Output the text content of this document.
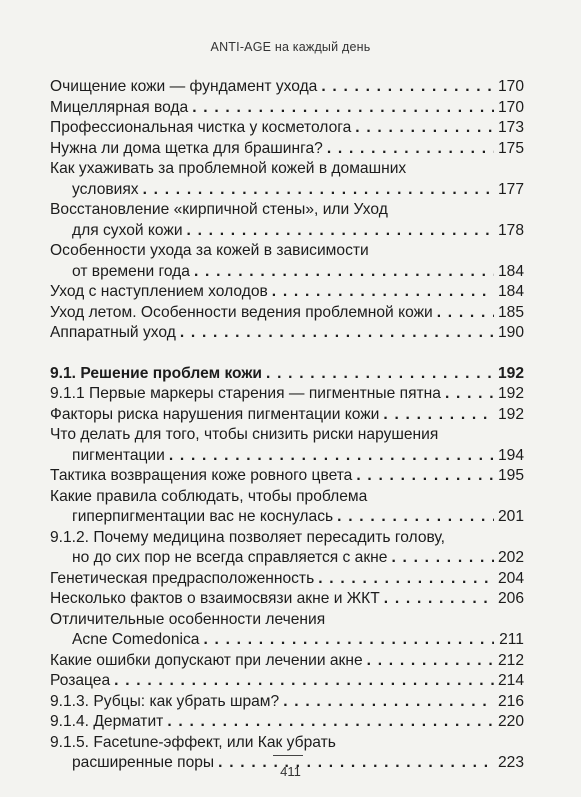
ANTI-AGE на каждый день
Очищение кожи — фундамент ухода . . .	170
Мицеллярная вода . . .	170
Профессиональная чистка у косметолога . . .	173
Нужна ли дома щетка для брашинга? . . .	175
Как ухаживать за проблемной кожей в домашних
условиях . . .	177
Восстановление «кирпичной стены», или Уход
для сухой кожи . . .	178
Особенности ухода за кожей в зависимости
от времени года . . .	184
Уход с наступлением холодов . . .	184
Уход летом. Особенности ведения проблемной кожи . . .	185
Аппаратный уход . . .	190
9.1. Решение проблем кожи . . .	192
9.1.1 Первые маркеры старения — пигментные пятна . . .	192
Факторы риска нарушения пигментации кожи . . .	192
Что делать для того, чтобы снизить риски нарушения
пигментации . . .	194
Тактика возвращения коже ровного цвета . . .	195
Какие правила соблюдать, чтобы проблема
гиперпигментации вас не коснулась . . .	201
9.1.2. Почему медицина позволяет пересадить голову,
но до сих пор не всегда справляется с акне . . .	202
Генетическая предрасположенность . . .	204
Несколько фактов о взаимосвязи акне и ЖКТ . . .	206
Отличительные особенности лечения
Acne Comedonica . . .	211
Какие ошибки допускают при лечении акне . . .	212
Розацеа . . .	214
9.1.3. Рубцы: как убрать шрам? . . .	216
9.1.4. Дерматит . . .	220
9.1.5. Facetune-эффект, или Как убрать
расширенные поры . . .	223
411
